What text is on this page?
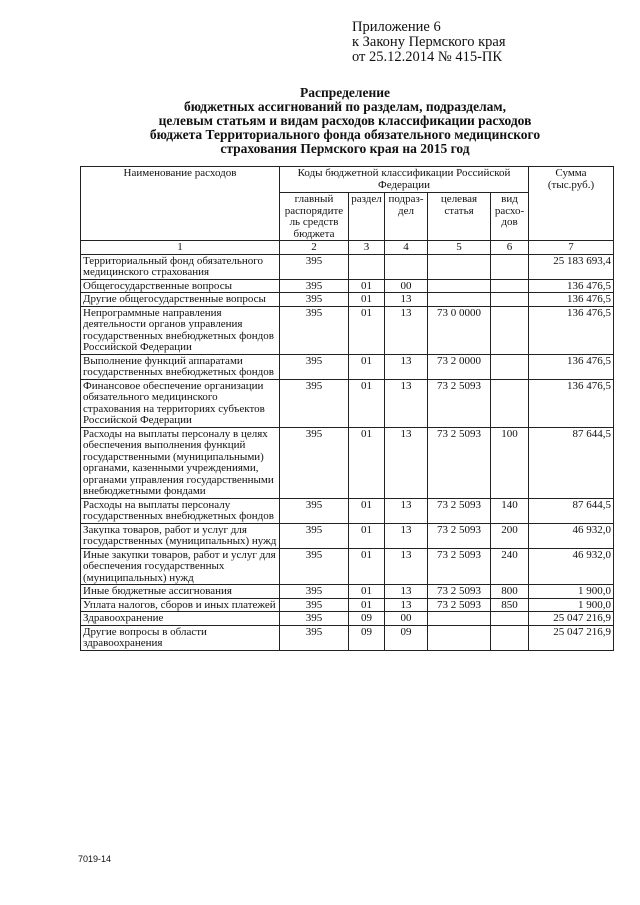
Приложение 6
к Закону Пермского края
от 25.12.2014 № 415-ПК
Распределение
бюджетных ассигнований по разделам, подразделам,
целевым статьям и видам расходов классификации расходов
бюджета Территориального фонда обязательного медицинского
страхования Пермского края на 2015 год
Наименование расходов	Коды бюджетной классификации Российской Федерации					Сумма (тыс.руб.)
	главный распорядите ль средств бюджета	раздел	подраз- дел	целевая статья	вид расхо- дов	
1	2	3	4	5	6	7
Территориальный фонд обязательного медицинского страхования	395					25 183 693,4
Общегосударственные вопросы	395	01	00			136 476,5
Другие общегосударственные вопросы	395	01	13			136 476,5
Непрограммные направления деятельности органов управления государственных внебюджетных фондов Российской Федерации	395	01	13	73 0 0000		136 476,5
Выполнение функций аппаратами государственных внебюджетных фондов	395	01	13	73 2 0000		136 476,5
Финансовое обеспечение организации обязательного медицинского страхования на территориях субъектов Российской Федерации	395	01	13	73 2 5093		136 476,5
Расходы на выплаты персоналу в целях обеспечения выполнения функций государственными (муниципальными) органами, казенными учреждениями, органами управления государственными внебюджетными фондами	395	01	13	73 2 5093	100	87 644,5
Расходы на выплаты персоналу государственных внебюджетных фондов	395	01	13	73 2 5093	140	87 644,5
Закупка товаров, работ и услуг для государственных (муниципальных) нужд	395	01	13	73 2 5093	200	46 932,0
Иные закупки товаров, работ и услуг для обеспечения государственных (муниципальных) нужд	395	01	13	73 2 5093	240	46 932,0
Иные бюджетные ассигнования	395	01	13	73 2 5093	800	1 900,0
Уплата налогов, сборов и иных платежей	395	01	13	73 2 5093	850	1 900,0
Здравоохранение	395	09	00			25 047 216,9
Другие вопросы в области здравоохранения	395	09	09			25 047 216,9
7019-14
